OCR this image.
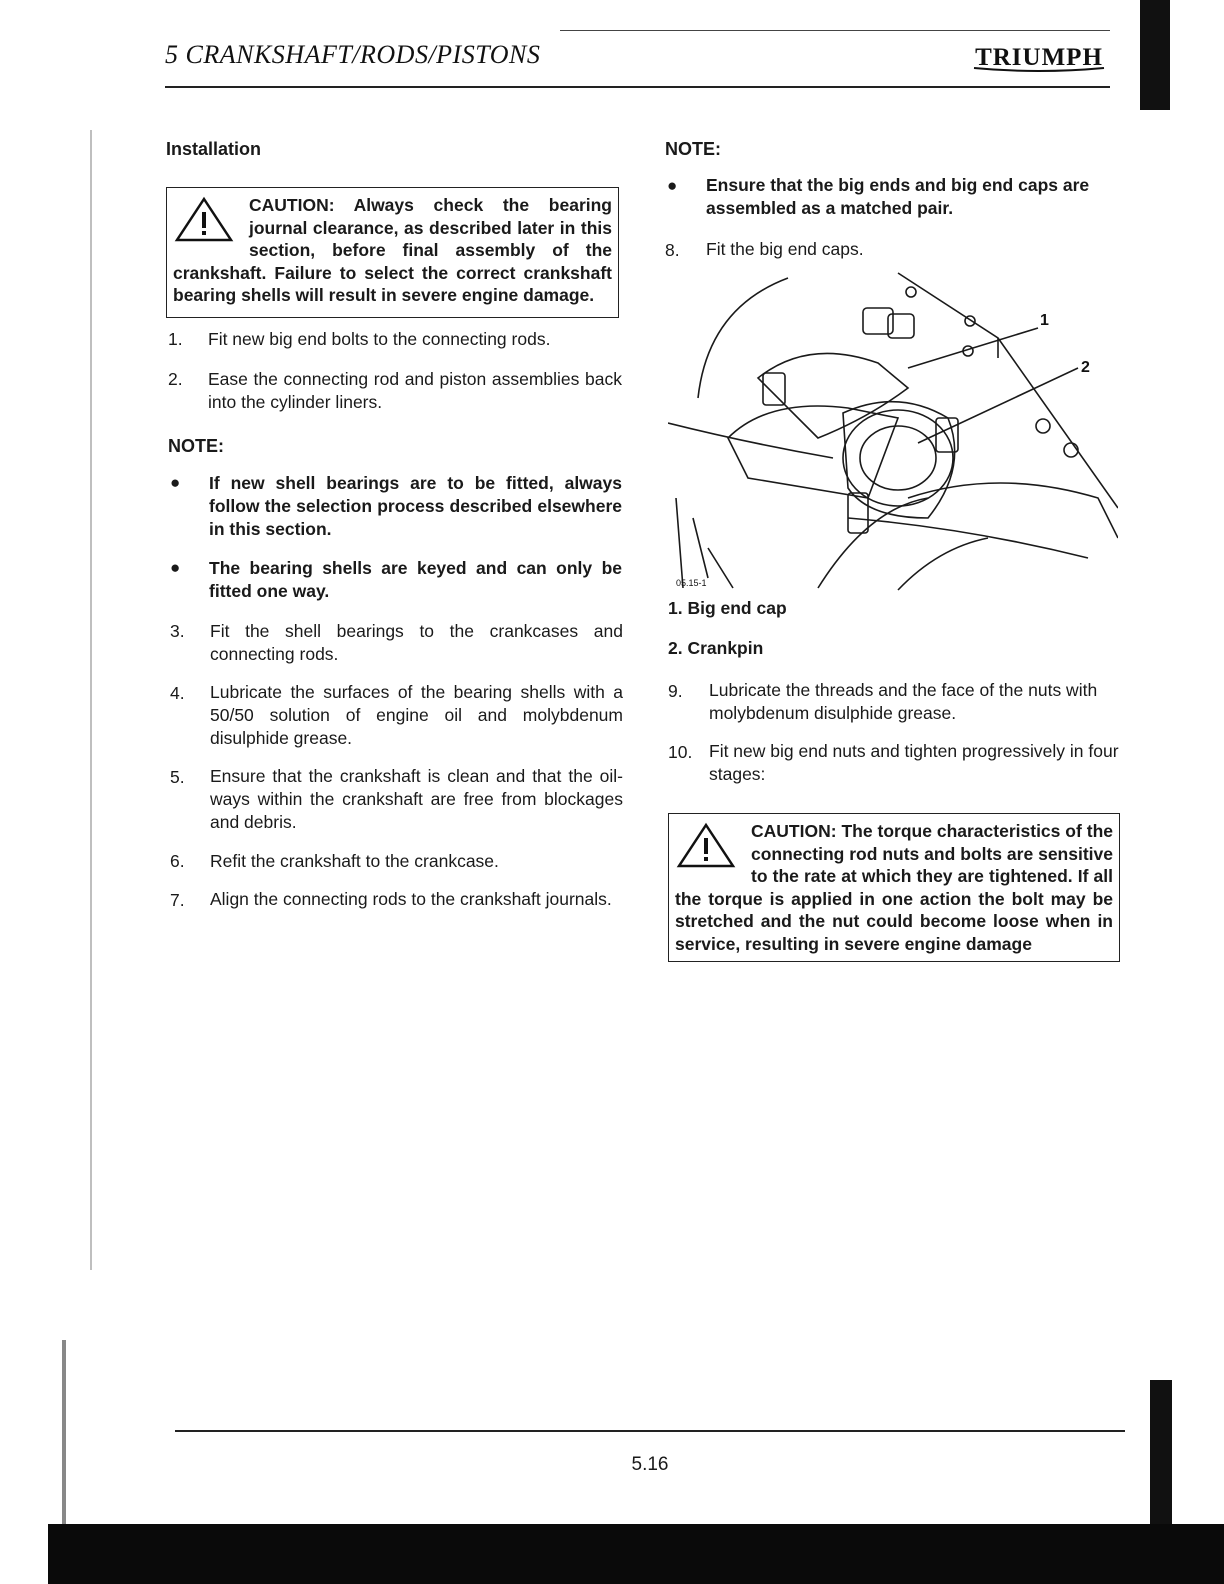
5 CRANKSHAFT/RODS/PISTONS	TRIUMPH
Installation
CAUTION: Always check the bearing journal clearance, as described later in this section, before final assembly of the crankshaft. Failure to select the correct crankshaft bearing shells will result in severe engine damage.
1. Fit new big end bolts to the connecting rods.
2. Ease the connecting rod and piston assemblies back into the cylinder liners.
NOTE:
● If new shell bearings are to be fitted, always follow the selection process described elsewhere in this section.
● The bearing shells are keyed and can only be fitted one way.
3. Fit the shell bearings to the crankcases and connecting rods.
4. Lubricate the surfaces of the bearing shells with a 50/50 solution of engine oil and molybdenum disulphide grease.
5. Ensure that the crankshaft is clean and that the oil-ways within the crankshaft are free from blockages and debris.
6. Refit the crankshaft to the crankcase.
7. Align the connecting rods to the crankshaft journals.
NOTE:
● Ensure that the big ends and big end caps are assembled as a matched pair.
8. Fit the big end caps.
1
2
05.15-1
1. Big end cap
2. Crankpin
9. Lubricate the threads and the face of the nuts with molybdenum disulphide grease.
10. Fit new big end nuts and tighten progressively in four stages:
CAUTION: The torque characteristics of the connecting rod nuts and bolts are sensitive to the rate at which they are tightened. If all the torque is applied in one action the bolt may be stretched and the nut could become loose when in service, resulting in severe engine damage
5.16
